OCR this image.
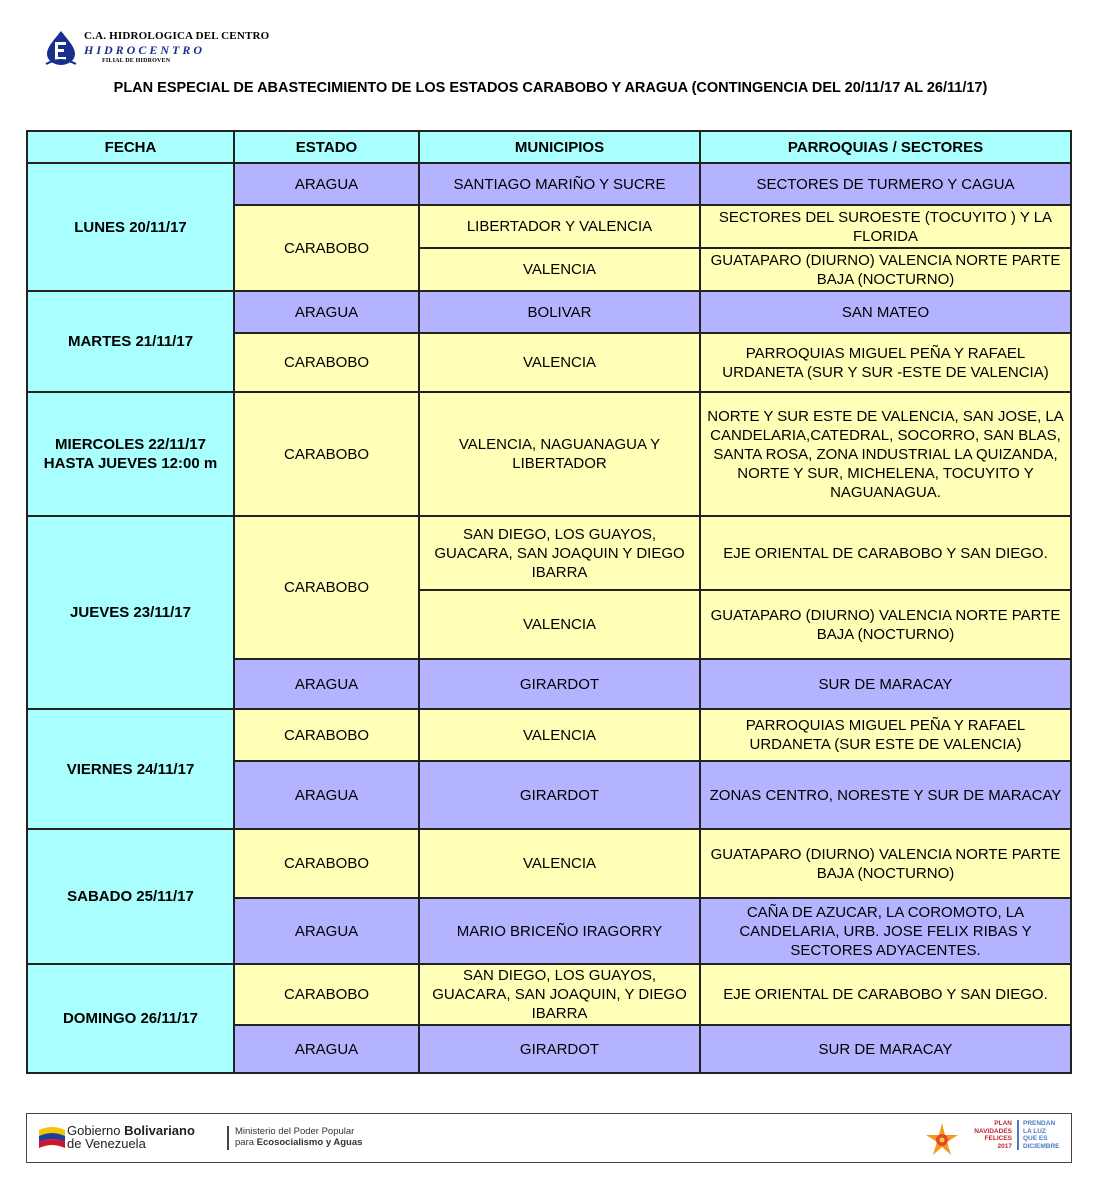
C.A. HIDROLOGICA DEL CENTRO
HIDROCENTRO
FILIAL DE HIDROVEN
PLAN ESPECIAL DE ABASTECIMIENTO DE LOS ESTADOS CARABOBO Y ARAGUA (CONTINGENCIA DEL 20/11/17 AL 26/11/17)
FECHA	ESTADO	MUNICIPIOS	PARROQUIAS / SECTORES
LUNES 20/11/17	ARAGUA	SANTIAGO MARIÑO Y SUCRE	SECTORES DE TURMERO Y CAGUA
	CARABOBO	LIBERTADOR Y VALENCIA	SECTORES DEL SUROESTE (TOCUYITO ) Y LA FLORIDA
		VALENCIA	GUATAPARO (DIURNO) VALENCIA NORTE PARTE BAJA (NOCTURNO)
MARTES 21/11/17	ARAGUA	BOLIVAR	SAN MATEO
	CARABOBO	VALENCIA	PARROQUIAS MIGUEL PEÑA Y RAFAEL URDANETA (SUR Y SUR -ESTE DE VALENCIA)

MIERCOLES 22/11/17
HASTA JUEVES 12:00 m	CARABOBO	VALENCIA, NAGUANAGUA Y LIBERTADOR	NORTE Y SUR ESTE DE VALENCIA, SAN JOSE, LA CANDELARIA,CATEDRAL, SOCORRO, SAN BLAS, SANTA ROSA, ZONA INDUSTRIAL LA QUIZANDA, NORTE Y SUR, MICHELENA, TOCUYITO Y NAGUANAGUA.
JUEVES 23/11/17	CARABOBO	SAN DIEGO, LOS GUAYOS, GUACARA, SAN JOAQUIN Y DIEGO IBARRA	EJE ORIENTAL DE CARABOBO Y SAN DIEGO.
		VALENCIA	GUATAPARO (DIURNO) VALENCIA NORTE PARTE BAJA (NOCTURNO)
	ARAGUA	GIRARDOT	SUR DE MARACAY
VIERNES 24/11/17	CARABOBO	VALENCIA	PARROQUIAS MIGUEL PEÑA Y RAFAEL URDANETA (SUR ESTE DE VALENCIA)
	ARAGUA	GIRARDOT	ZONAS CENTRO, NORESTE Y SUR DE MARACAY
SABADO 25/11/17	CARABOBO	VALENCIA	GUATAPARO (DIURNO) VALENCIA NORTE PARTE BAJA (NOCTURNO)
	ARAGUA	MARIO BRICEÑO IRAGORRY	CAÑA DE AZUCAR, LA COROMOTO, LA CANDELARIA, URB. JOSE FELIX RIBAS Y SECTORES ADYACENTES.
DOMINGO 26/11/17	CARABOBO	SAN DIEGO, LOS GUAYOS, GUACARA, SAN JOAQUIN, Y DIEGO IBARRA	EJE ORIENTAL DE CARABOBO Y SAN DIEGO.
	ARAGUA	GIRARDOT	SUR DE MARACAY
Gobierno Bolivariano
de Venezuela
Ministerio del Poder Popular
para Ecosocialismo y Aguas
PLAN
NAVIDADES
FELICES
2017
PRENDAN
LA LUZ
QUE ES
DICIEMBRE
